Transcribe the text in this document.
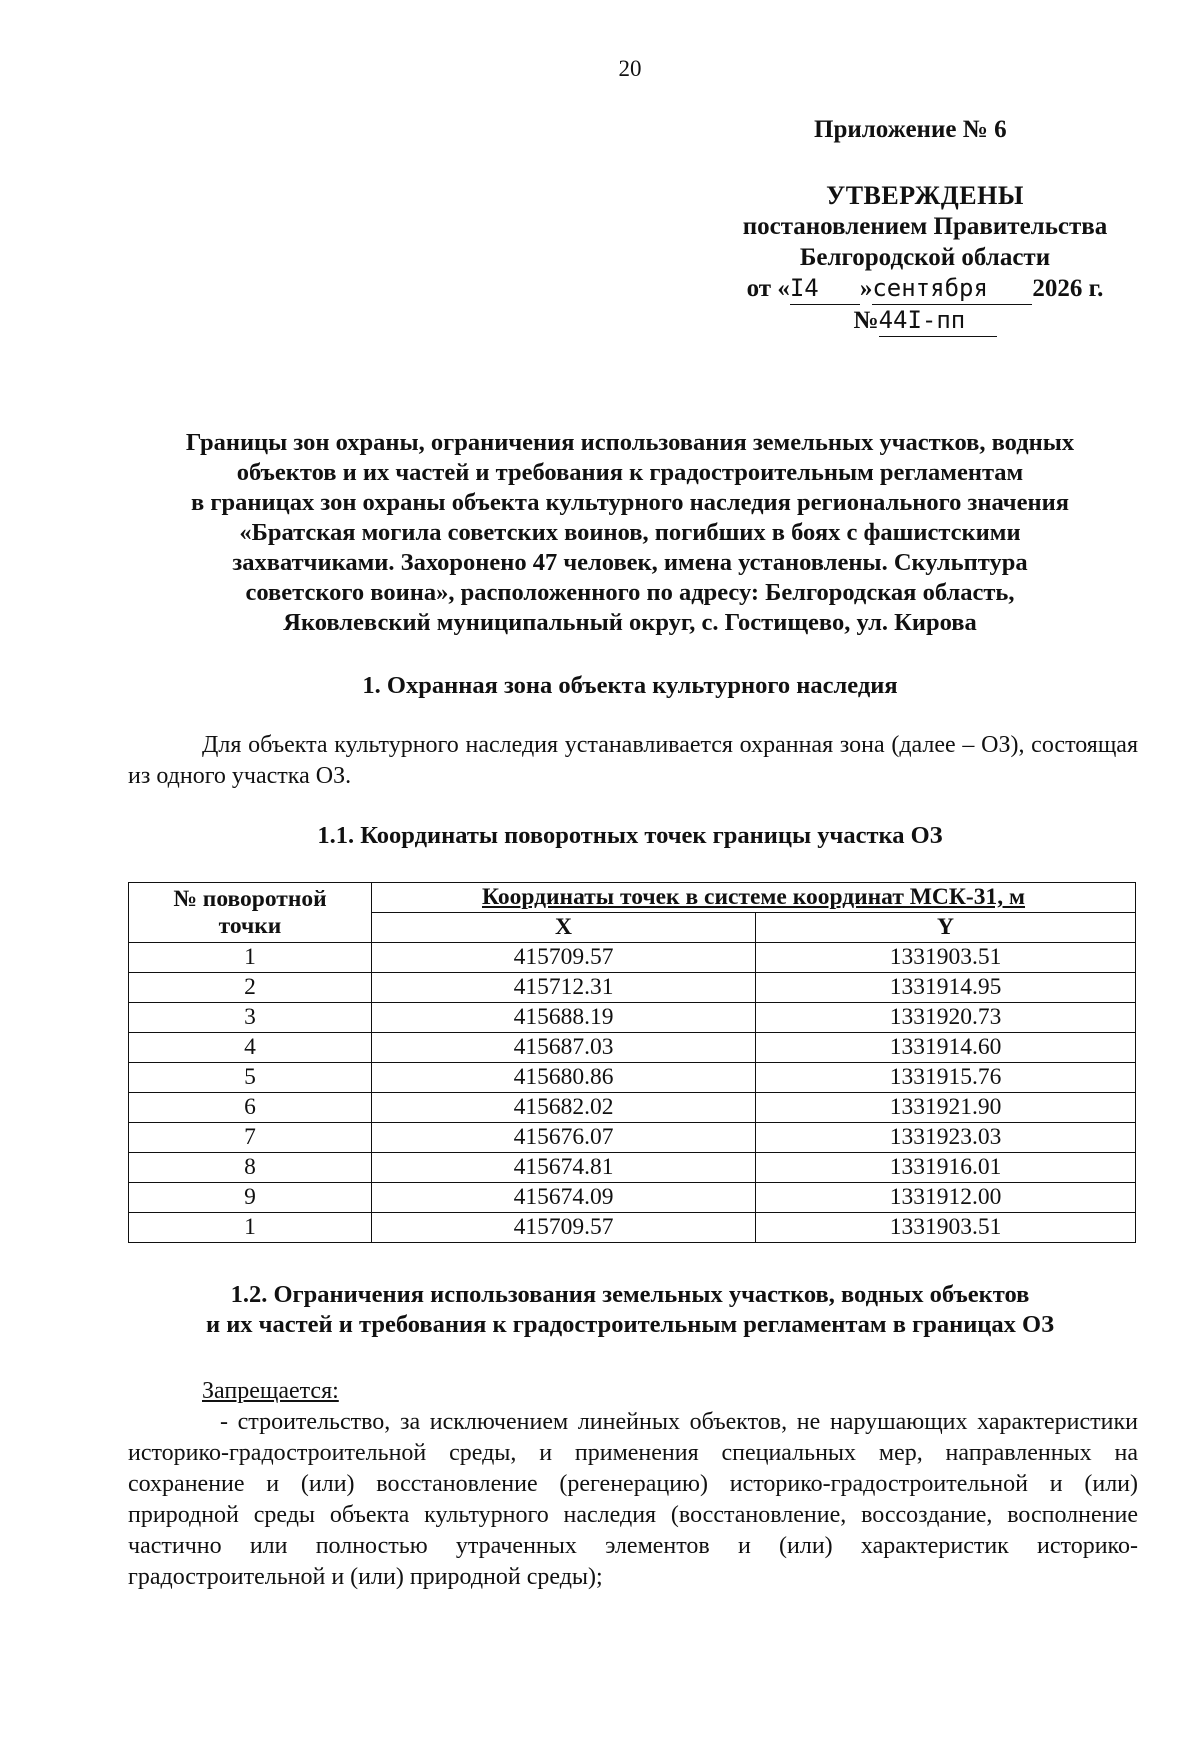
20
Приложение № 6
УТВЕРЖДЕНЫ
постановлением Правительства
Белгородской области
от «I4 »сентября 2026 г.
№44I-пп
Границы зон охраны, ограничения использования земельных участков, водных
объектов и их частей и требования к градостроительным регламентам
в границах зон охраны объекта культурного наследия регионального значения
«Братская могила советских воинов, погибших в боях с фашистскими
захватчиками. Захоронено 47 человек, имена установлены. Скульптура
советского воина», расположенного по адресу: Белгородская область,
Яковлевский муниципальный округ, с. Гостищево, ул. Кирова
1. Охранная зона объекта культурного наследия
Для объекта культурного наследия устанавливается охранная зона (далее – ОЗ), состоящая из одного участка ОЗ.
1.1. Координаты поворотных точек границы участка ОЗ
№ поворотной
точки	Координаты точек в системе координат МСК-31, м	
	X	Y
1	415709.57	1331903.51
2	415712.31	1331914.95
3	415688.19	1331920.73
4	415687.03	1331914.60
5	415680.86	1331915.76
6	415682.02	1331921.90
7	415676.07	1331923.03
8	415674.81	1331916.01
9	415674.09	1331912.00
1	415709.57	1331903.51
1.2. Ограничения использования земельных участков, водных объектов
и их частей и требования к градостроительным регламентам в границах ОЗ
Запрещается:

- строительство, за исключением линейных объектов, не нарушающих характеристики историко-градостроительной среды, и применения специальных мер, направленных на сохранение и (или) восстановление (регенерацию) историко-градостроительной и (или) природной среды объекта культурного наследия (восстановление, воссоздание, восполнение частично или полностью утраченных элементов и (или) характеристик историко-градостроительной и (или) природной среды);
